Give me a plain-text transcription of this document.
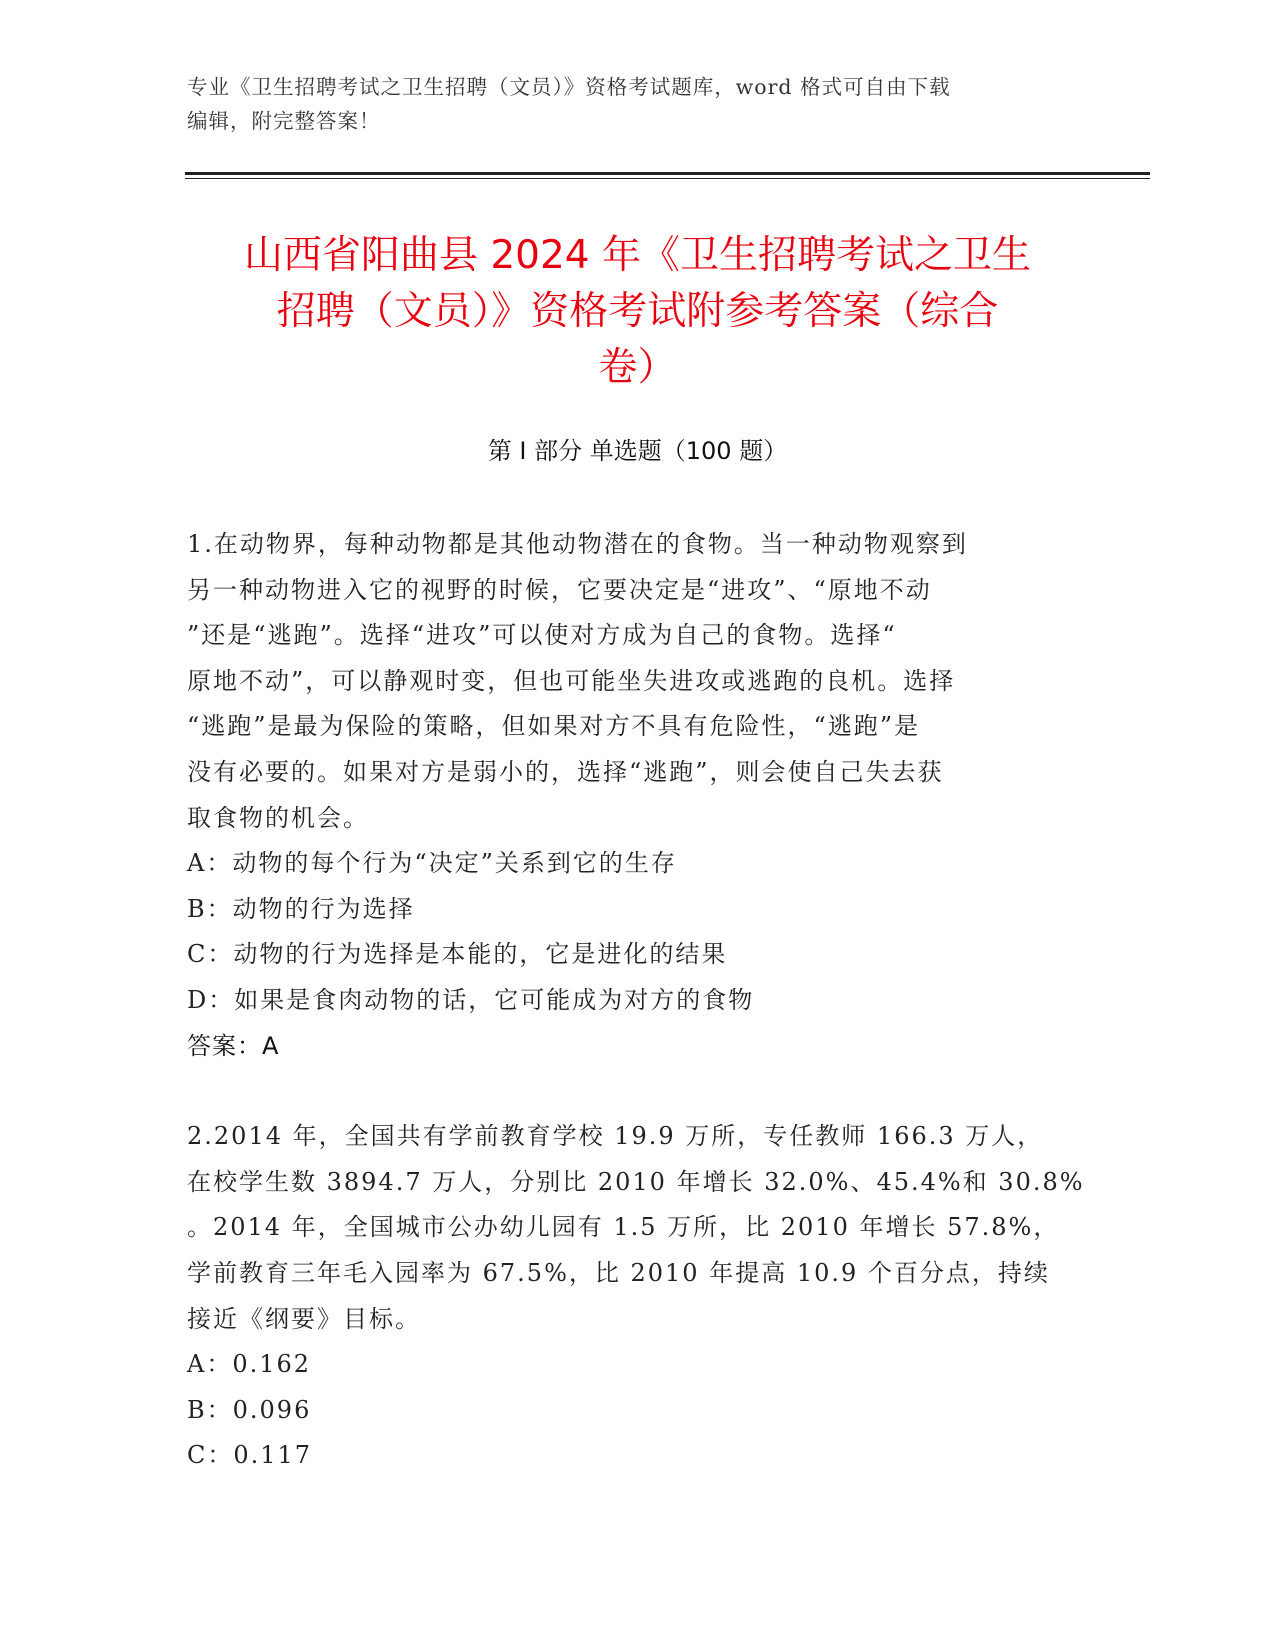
专业《卫生招聘考试之卫生招聘（文员）》资格考试题库，word 格式可自由下载
编辑，附完整答案！
山西省阳曲县 2024 年《卫生招聘考试之卫生
招聘（文员）》资格考试附参考答案（综合
卷）
第 I 部分 单选题（100 题）
1.在动物界，每种动物都是其他动物潜在的食物。当一种动物观察到
另一种动物进入它的视野的时候，它要决定是“进攻”、“原地不动
”还是“逃跑”。选择“进攻”可以使对方成为自己的食物。选择“
原地不动”，可以静观时变，但也可能坐失进攻或逃跑的良机。选择
“逃跑”是最为保险的策略，但如果对方不具有危险性，“逃跑”是
没有必要的。如果对方是弱小的，选择“逃跑”，则会使自己失去获
取食物的机会。
A：动物的每个行为“决定”关系到它的生存
B：动物的行为选择
C：动物的行为选择是本能的，它是进化的结果
D：如果是食肉动物的话，它可能成为对方的食物
答案：A
2.2014 年，全国共有学前教育学校 19.9 万所，专任教师 166.3 万人，
在校学生数 3894.7 万人，分别比 2010 年增长 32.0%、45.4%和 30.8%
。2014 年，全国城市公办幼儿园有 1.5 万所，比 2010 年增长 57.8%，
学前教育三年毛入园率为 67.5%，比 2010 年提高 10.9 个百分点，持续
接近《纲要》目标。
A：0.162
B：0.096
C：0.117
